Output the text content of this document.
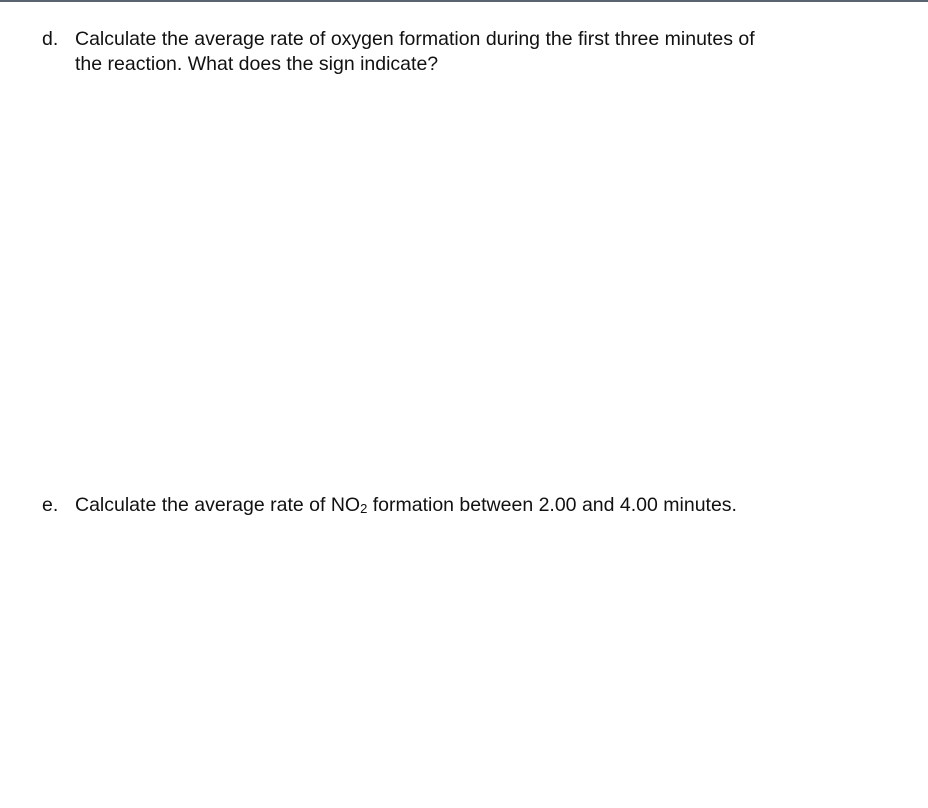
d. Calculate the average rate of oxygen formation during the first three minutes of
the reaction. What does the sign indicate?
e. Calculate the average rate of NO2 formation between 2.00 and 4.00 minutes.
